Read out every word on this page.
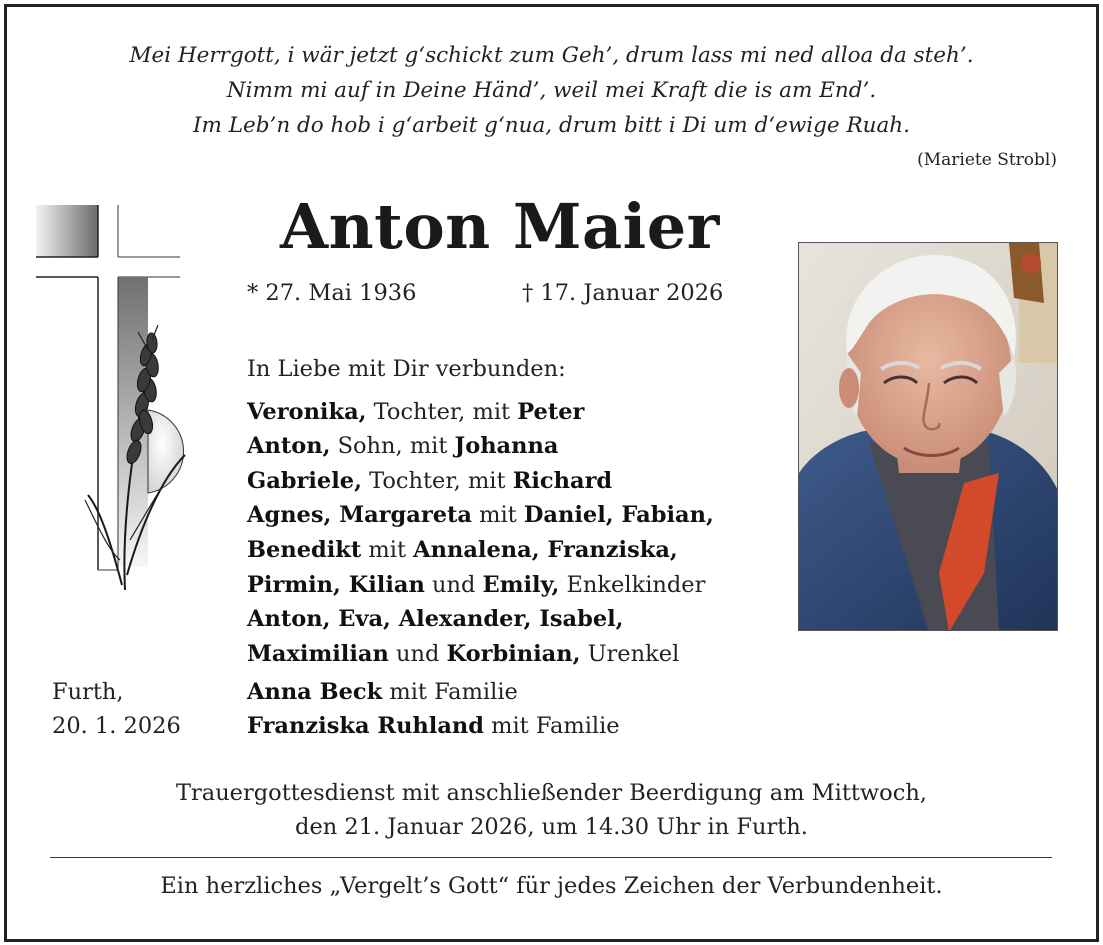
Mei Herrgott, i wär jetzt g‘schickt zum Geh’, drum lass mi ned alloa da steh’.
Nimm mi auf in Deine Händ’, weil mei Kraft die is am End’.
Im Leb’n do hob i g‘arbeit g‘nua, drum bitt i Di um d‘ewige Ruah.
(Mariete Strobl)
Anton Maier
* 27. Mai 1936	† 17. Januar 2026
In Liebe mit Dir verbunden:
Veronika, Tochter, mit Peter
Anton, Sohn, mit Johanna
Gabriele, Tochter, mit Richard
Agnes, Margareta mit Daniel, Fabian,
Benedikt mit Annalena, Franziska,
Pirmin, Kilian und Emily, Enkelkinder
Anton, Eva, Alexander, Isabel,
Maximilian und Korbinian, Urenkel
Anna Beck mit Familie
Franziska Ruhland mit Familie
Furth,
20. 1. 2026
Trauergottesdienst mit anschließender Beerdigung am Mittwoch,
den 21. Januar 2026, um 14.30 Uhr in Furth.
Ein herzliches „Vergelt’s Gott“ für jedes Zeichen der Verbundenheit.
